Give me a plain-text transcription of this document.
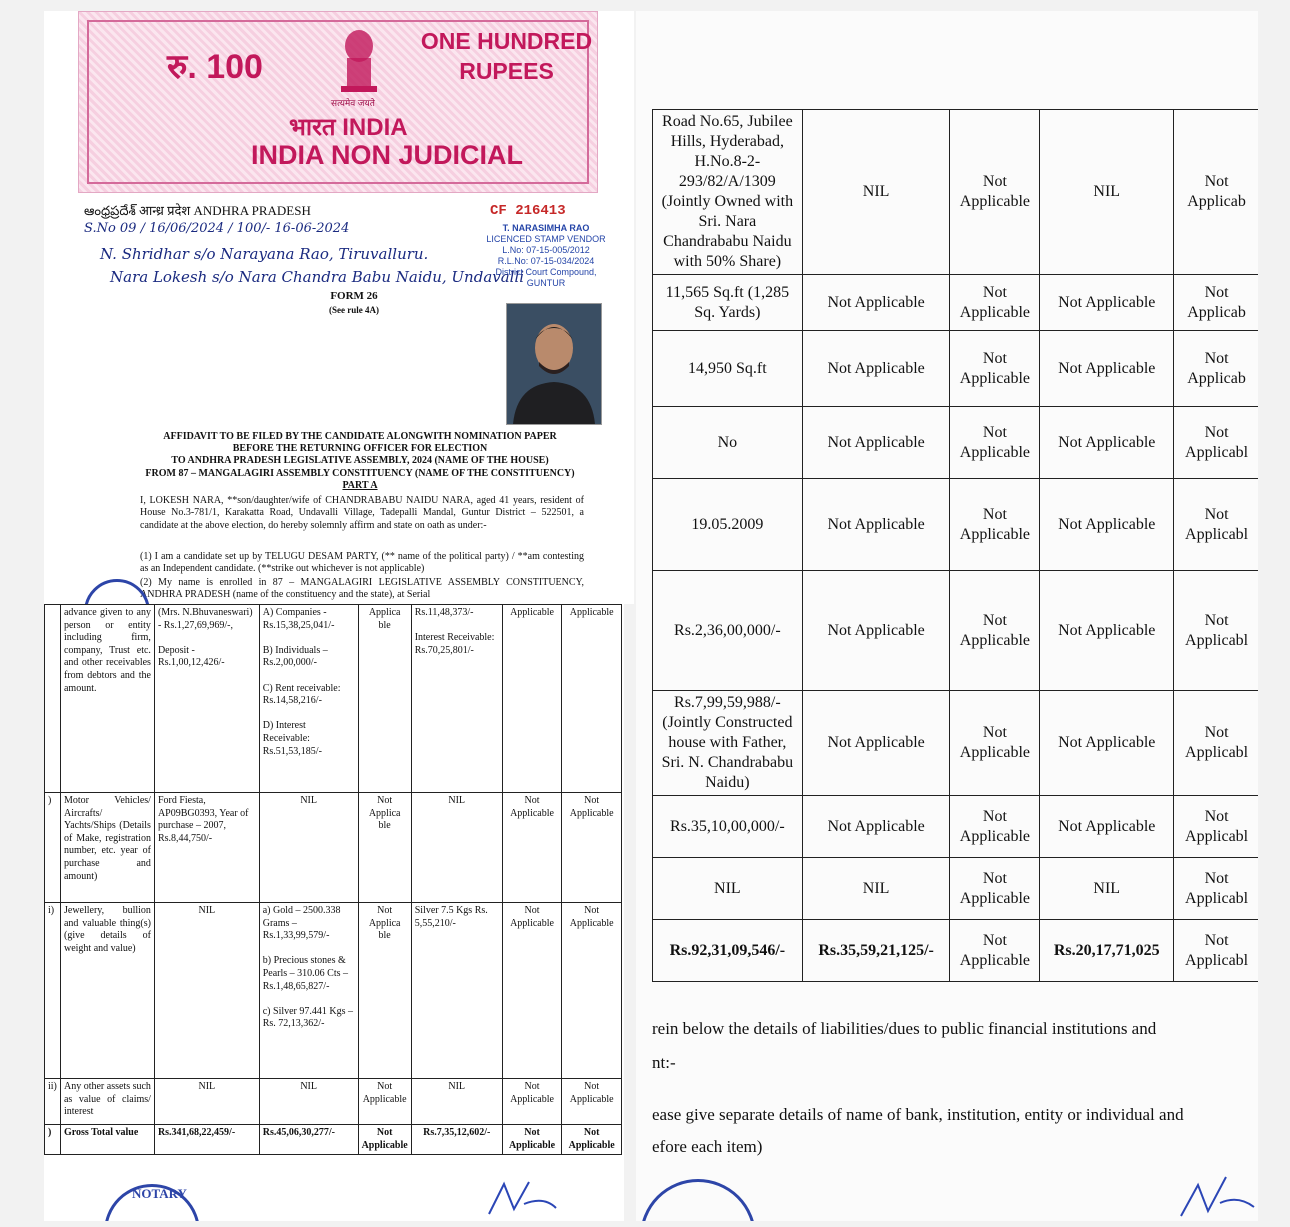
रु. 100
सत्यमेव जयते
ONE HUNDRED RUPEES
भारत INDIA
INDIA NON JUDICIAL
ఆంధ్రప్రదేశ్ आन्ध्र प्रदेश ANDHRA PRADESH	CF 216413
T. NARASIMHA RAO
LICENCED STAMP VENDOR
L.No: 07-15-005/2012
R.L.No: 07-15-034/2024
District Court Compound, GUNTUR
S.No 09 / 16/06/2024 / 100/- 16-06-2024
N. Shridhar s/o Narayana Rao, Tiruvalluru.
Nara Lokesh s/o Nara Chandra Babu Naidu, Undavalli
FORM 26
(See rule 4A)
AFFIDAVIT TO BE FILED BY THE CANDIDATE ALONGWITH NOMINATION PAPER
BEFORE THE RETURNING OFFICER FOR ELECTION
TO ANDHRA PRADESH LEGISLATIVE ASSEMBLY, 2024 (NAME OF THE HOUSE)
FROM 87 – MANGALAGIRI ASSEMBLY CONSTITUENCY (NAME OF THE CONSTITUENCY)
PART A
I, LOKESH NARA, **son/daughter/wife of CHANDRABABU NAIDU NARA, aged 41 years, resident of House No.3-781/1, Karakatta Road, Undavalli Village, Tadepalli Mandal, Guntur District – 522501, a candidate at the above election, do hereby solemnly affirm and state on oath as under:-
(1) I am a candidate set up by TELUGU DESAM PARTY, (** name of the political party) / **am contesting as an Independent candidate. (**strike out whichever is not applicable)
(2) My name is enrolled in 87 – MANGALAGIRI LEGISLATIVE ASSEMBLY CONSTITUENCY, ANDHRA PRADESH (name of the constituency and the state), at Serial
	advance given to any person or entity including firm, company, Trust etc. and other receivables from debtors and the amount.	(Mrs. N.Bhuvaneswari) - Rs.1,27,69,969/-,

Deposit - Rs.1,00,12,426/-	A) Companies - Rs.15,38,25,041/-

B) Individuals – Rs.2,00,000/-

C) Rent receivable: Rs.14,58,216/-

D) Interest Receivable: Rs.51,53,185/-	Applica ble	Rs.11,48,373/-

Interest Receivable: Rs.70,25,801/-	Applicable	Applicable
)	Motor Vehicles/ Aircrafts/ Yachts/Ships (Details of Make, registration number, etc. year of purchase and amount)	Ford Fiesta, AP09BG0393, Year of purchase – 2007, Rs.8,44,750/-	NIL	Not Applica ble	NIL	Not Applicable	Not Applicable
i)	Jewellery, bullion and valuable thing(s) (give details of weight and value)	NIL	a) Gold – 2500.338 Grams – Rs.1,33,99,579/-

b) Precious stones & Pearls – 310.06 Cts – Rs.1,48,65,827/-

c) Silver 97.441 Kgs – Rs. 72,13,362/-	Not Applica ble	Silver 7.5 Kgs Rs. 5,55,210/-	Not Applicable	Not Applicable
ii)	Any other assets such as value of claims/ interest	NIL	NIL	Not Applicable	NIL	Not Applicable	Not Applicable
)	Gross Total value	Rs.341,68,22,459/-	Rs.45,06,30,277/-	Not Applicable	Rs.7,35,12,602/-	Not Applicable	Not Applicable
NOTARY
Road No.65, Jubilee Hills, Hyderabad, H.No.8-2-293/82/A/1309 (Jointly Owned with Sri. Nara Chandrababu Naidu with 50% Share)	NIL	Not Applicable	NIL	Not Applicab
11,565 Sq.ft (1,285 Sq. Yards)	Not Applicable	Not Applicable	Not Applicable	Not Applicab
14,950 Sq.ft	Not Applicable	Not Applicable	Not Applicable	Not Applicab
No	Not Applicable	Not Applicable	Not Applicable	Not Applicabl
19.05.2009	Not Applicable	Not Applicable	Not Applicable	Not Applicabl
Rs.2,36,00,000/-	Not Applicable	Not Applicable	Not Applicable	Not Applicabl
Rs.7,99,59,988/- (Jointly Constructed house with Father, Sri. N. Chandrababu Naidu)	Not Applicable	Not Applicable	Not Applicable	Not Applicabl
Rs.35,10,00,000/-	Not Applicable	Not Applicable	Not Applicable	Not Applicabl
NIL	NIL	Not Applicable	NIL	Not Applicabl
Rs.92,31,09,546/-	Rs.35,59,21,125/-	Not Applicable	Rs.20,17,71,025	Not Applicabl
rein below the details of liabilities/dues to public financial institutions and
nt:-
ease give separate details of name of bank, institution, entity or individual and
efore each item)
